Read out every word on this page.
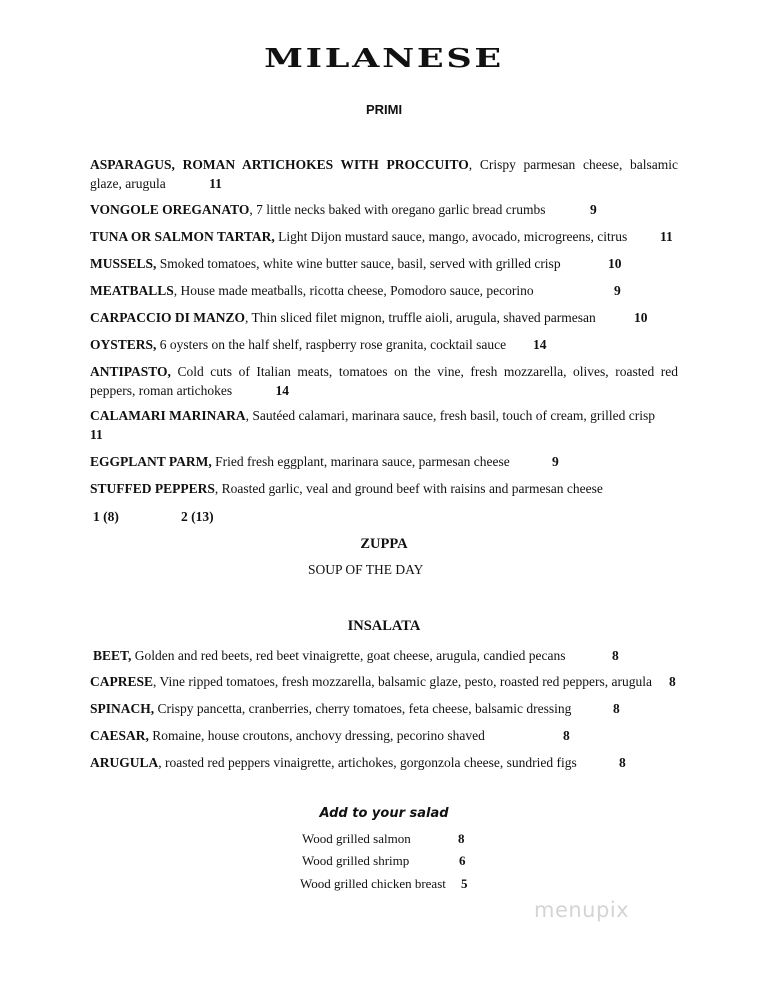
MILANESE
PRIMI
ASPARAGUS, ROMAN ARTICHOKES WITH PROCCUITO, Crispy parmesan cheese, balsamic glaze, arugula	11
VONGOLE OREGANATO, 7 little necks baked with oregano garlic bread crumbs	9
TUNA OR SALMON TARTAR, Light Dijon mustard sauce, mango, avocado, microgreens, citrus 11
MUSSELS, Smoked tomatoes, white wine butter sauce, basil, served with grilled crisp	10
MEATBALLS, House made meatballs, ricotta cheese, Pomodoro sauce, pecorino	9
CARPACCIO DI MANZO, Thin sliced filet mignon, truffle aioli, arugula, shaved parmesan	10
OYSTERS, 6 oysters on the half shelf, raspberry rose granita, cocktail sauce 14
ANTIPASTO, Cold cuts of Italian meats, tomatoes on the vine, fresh mozzarella, olives, roasted red peppers, roman artichokes	14
CALAMARI MARINARA, Sautéed calamari, marinara sauce, fresh basil, touch of cream, grilled crisp
11
EGGPLANT PARM, Fried fresh eggplant, marinara sauce, parmesan cheese	9
STUFFED PEPPERS, Roasted garlic, veal and ground beef with raisins and parmesan cheese
1 (8)	2 (13)
ZUPPA
SOUP OF THE DAY
INSALATA
BEET, Golden and red beets, red beet vinaigrette, goat cheese, arugula, candied pecans	8
CAPRESE, Vine ripped tomatoes, fresh mozzarella, balsamic glaze, pesto, roasted red peppers, arugula 8
SPINACH, Crispy pancetta, cranberries, cherry tomatoes, feta cheese, balsamic dressing	8
CAESAR, Romaine, house croutons, anchovy dressing, pecorino shaved	8
ARUGULA, roasted red peppers vinaigrette, artichokes, gorgonzola cheese, sundried figs	8
Add to your salad
Wood grilled salmon	8
Wood grilled shrimp	6
Wood grilled chicken breast 5
menupix
